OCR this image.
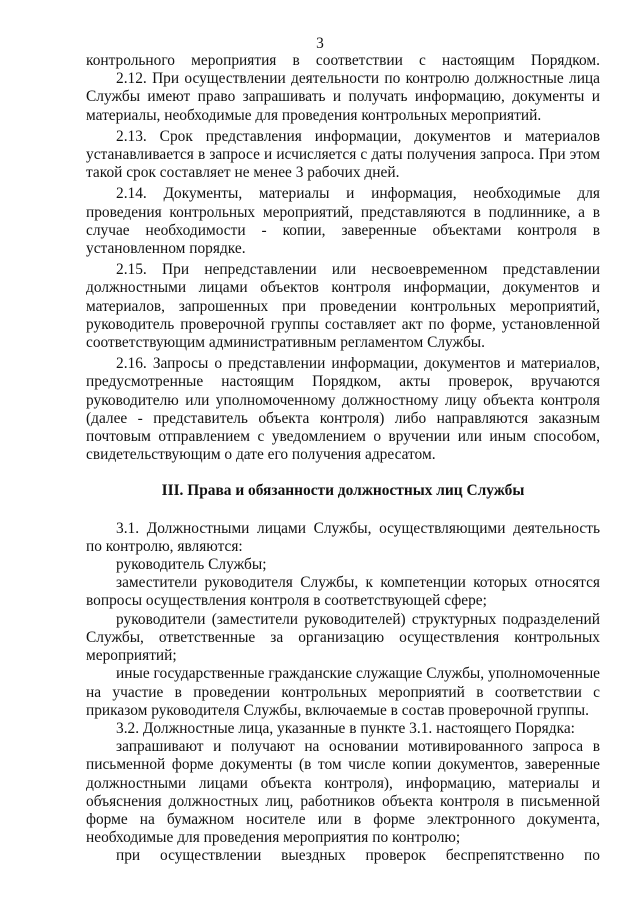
3

контрольного мероприятия в соответствии с настоящим Порядком.

2.12. При осуществлении деятельности по контролю должностные лица Службы имеют право запрашивать и получать информацию, документы и материалы, необходимые для проведения контрольных мероприятий.

2.13. Срок представления информации, документов и материалов устанавливается в запросе и исчисляется с даты получения запроса. При этом такой срок составляет не менее 3 рабочих дней.

2.14. Документы, материалы и информация, необходимые для проведения контрольных мероприятий, представляются в подлиннике, а в случае необходимости - копии, заверенные объектами контроля в установленном порядке.

2.15. При непредставлении или несвоевременном представлении должностными лицами объектов контроля информации, документов и материалов, запрошенных при проведении контрольных мероприятий, руководитель проверочной группы составляет акт по форме, установленной соответствующим административным регламентом Службы.

2.16. Запросы о представлении информации, документов и материалов, предусмотренные настоящим Порядком, акты проверок, вручаются руководителю или уполномоченному должностному лицу объекта контроля (далее - представитель объекта контроля) либо направляются заказным почтовым отправлением с уведомлением о вручении или иным способом, свидетельствующим о дате его получения адресатом.

III. Права и обязанности должностных лиц Службы

3.1. Должностными лицами Службы, осуществляющими деятельность по контролю, являются:

руководитель Службы;

заместители руководителя Службы, к компетенции которых относятся вопросы осуществления контроля в соответствующей сфере;

руководители (заместители руководителей) структурных подразделений Службы, ответственные за организацию осуществления контрольных мероприятий;

иные государственные гражданские служащие Службы, уполномоченные на участие в проведении контрольных мероприятий в соответствии с приказом руководителя Службы, включаемые в состав проверочной группы.

3.2. Должностные лица, указанные в пункте 3.1. настоящего Порядка:

запрашивают и получают на основании мотивированного запроса в письменной форме документы (в том числе копии документов, заверенные должностными лицами объекта контроля), информацию, материалы и объяснения должностных лиц, работников объекта контроля в письменной форме на бумажном носителе или в форме электронного документа, необходимые для проведения мероприятия по контролю;

при осуществлении выездных проверок беспрепятственно по
